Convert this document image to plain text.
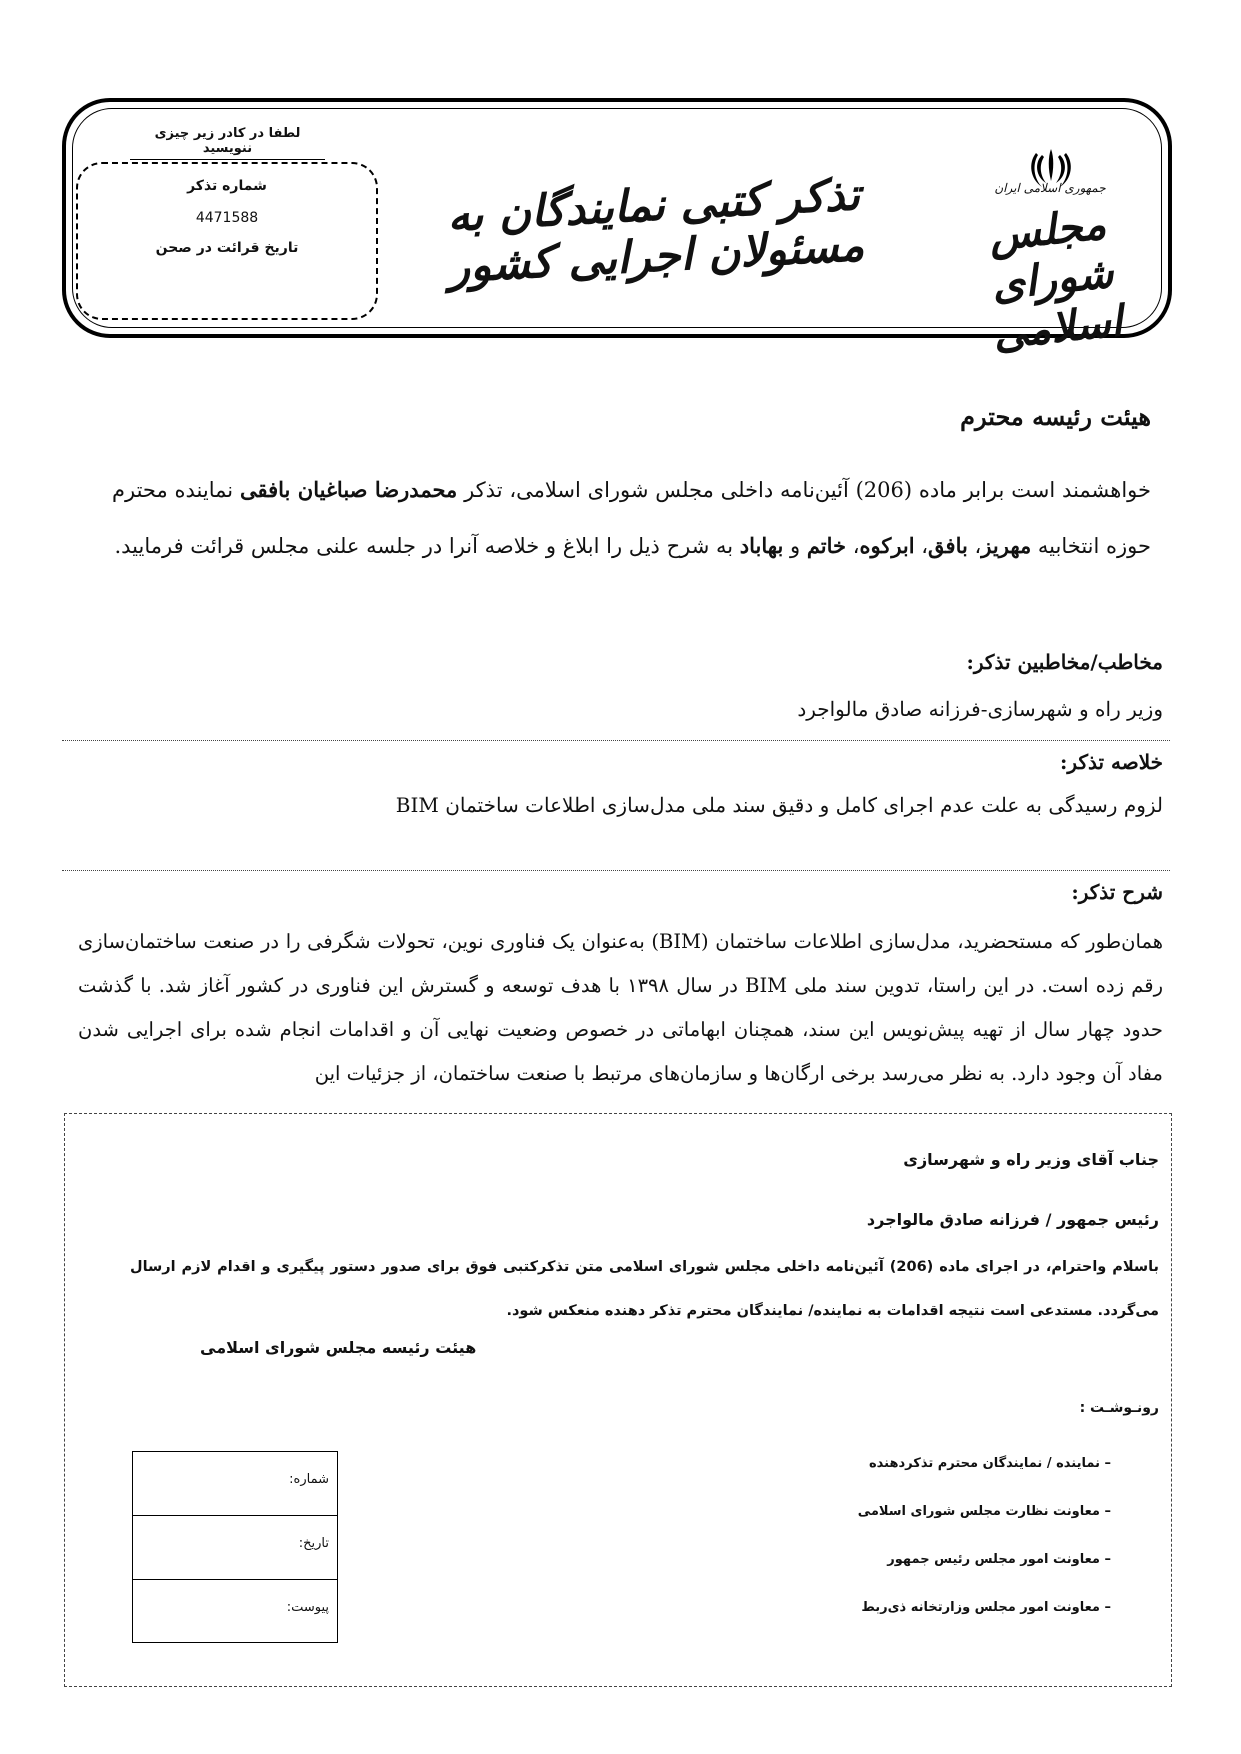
لطفا در کادر زیر چیزی ننویسید
شماره تذکر
4471588
تاریخ قرائت در صحن
تذکر کتبی نمایندگان به مسئولان اجرایی کشور
جمهوری اسلامی ایران
مجلس شورای اسلامی
هیئت رئیسه محترم
خواهشمند است برابر ماده (206) آئین‌نامه داخلی مجلس شورای اسلامی، تذکر محمدرضا صباغیان بافقی نماینده محترم حوزه انتخابیه مهریز، بافق، ابرکوه، خاتم و بهاباد به شرح ذیل را ابلاغ و خلاصه آنرا در جلسه علنی مجلس قرائت فرمایید.
مخاطب/مخاطبین تذکر:
وزیر راه و شهرسازی-فرزانه صادق مالواجرد
خلاصه تذکر:
لزوم رسیدگی به علت عدم اجرای کامل و دقیق سند ملی مدل‌سازی اطلاعات ساختمان BIM
شرح تذکر:
همان‌طور که مستحضرید، مدل‌سازی اطلاعات ساختمان (BIM) به‌عنوان یک فناوری نوین، تحولات شگرفی را در صنعت ساختمان‌سازی رقم زده است. در این راستا، تدوین سند ملی BIM در سال ۱۳۹۸ با هدف توسعه و گسترش این فناوری در کشور آغاز شد. با گذشت حدود چهار سال از تهیه پیش‌نویس این سند، همچنان ابهاماتی در خصوص وضعیت نهایی آن و اقدامات انجام شده برای اجرایی شدن مفاد آن وجود دارد. به نظر می‌رسد برخی ارگان‌ها و سازمان‌های مرتبط با صنعت ساختمان، از جزئیات این
جناب آقای وزیر راه و شهرسازی
رئیس جمهور / فرزانه صادق مالواجرد
باسلام واحترام، در اجرای ماده (206) آئین‌نامه داخلی مجلس شورای اسلامی متن تذکرکتبی فوق برای صدور دستور پیگیری و اقدام لازم ارسال می‌گردد. مستدعی است نتیجه اقدامات به نماینده/ نمایندگان محترم تذکر دهنده منعکس شود.
هیئت رئیسه مجلس شورای اسلامی
رونـوشـت :
– نماینده / نمایندگان محترم تذکردهنده
– معاونت نظارت مجلس شورای اسلامی
– معاونت امور مجلس رئیس جمهور
– معاونت امور مجلس وزارتخانه ذی‌ربط
شماره:
تاریخ:
پیوست:
